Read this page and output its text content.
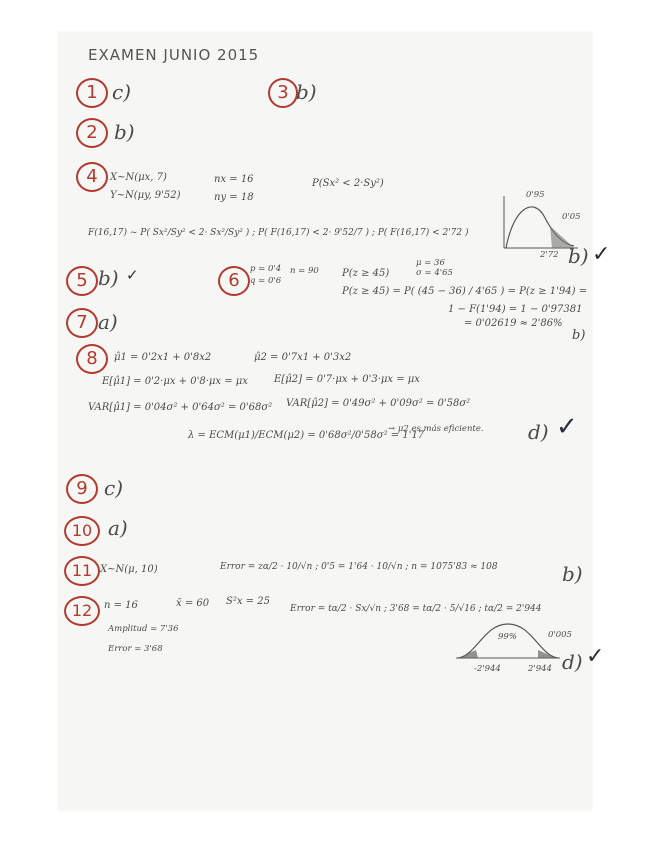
EXAMEN JUNIO 2015
1 c)	3 b)
2 b)
4	X~N(μx, 7)
Y~N(μy, 9'52)
nx = 16
ny = 18
P(Sx² < 2·Sy²)
F(16,17) ~ P( Sx²/Sy² < 2· Sx²/Sy² ) ; P( F(16,17) < 2· 9'52/7 ) ; P( F(16,17) < 2'72 )
0'95
0'05
2'72 b) ✓
5 b) ✓	6
p = 0'4
q = 0'6
n = 90
μ = 36
σ = 4'65
P(z ≥ 45)
P(z ≥ 45) = P( (45 − 36) / 4'65 ) = P(z ≥ 1'94) =
1 − F(1'94) = 1 − 0'97381
= 0'02619 ≈ 2'86%
b)
7 a)
8	μ̂1 = 0'2x1 + 0'8x2	μ̂2 = 0'7x1 + 0'3x2
E[μ̂1] = 0'2·μx + 0'8·μx = μx	E[μ̂2] = 0'7·μx + 0'3·μx = μx
VAR[μ̂1] = 0'04σ² + 0'64σ² = 0'68σ² VAR[μ̂2] = 0'49σ² + 0'09σ² = 0'58σ²
λ = ECM(μ1)/ECM(μ2) = 0'68σ²/0'58σ² = 1'17
→ μ2 es más eficiente. d) ✓
9 c)
10 a)
11 X~N(μ, 10)	Error = zα/2 · 10/√n ; 0'5 = 1'64 · 10/√n ; n = 1075'83 ≈ 108	b)
12	n = 16	x̄ = 60 S²x = 25
Error = tα/2 · Sx/√n ; 3'68 = tα/2 · 5/√16 ; tα/2 = 2'944
Amplitud = 7'36
Error = 3'68
99%	0'005
-2'944	2'944 d) ✓
